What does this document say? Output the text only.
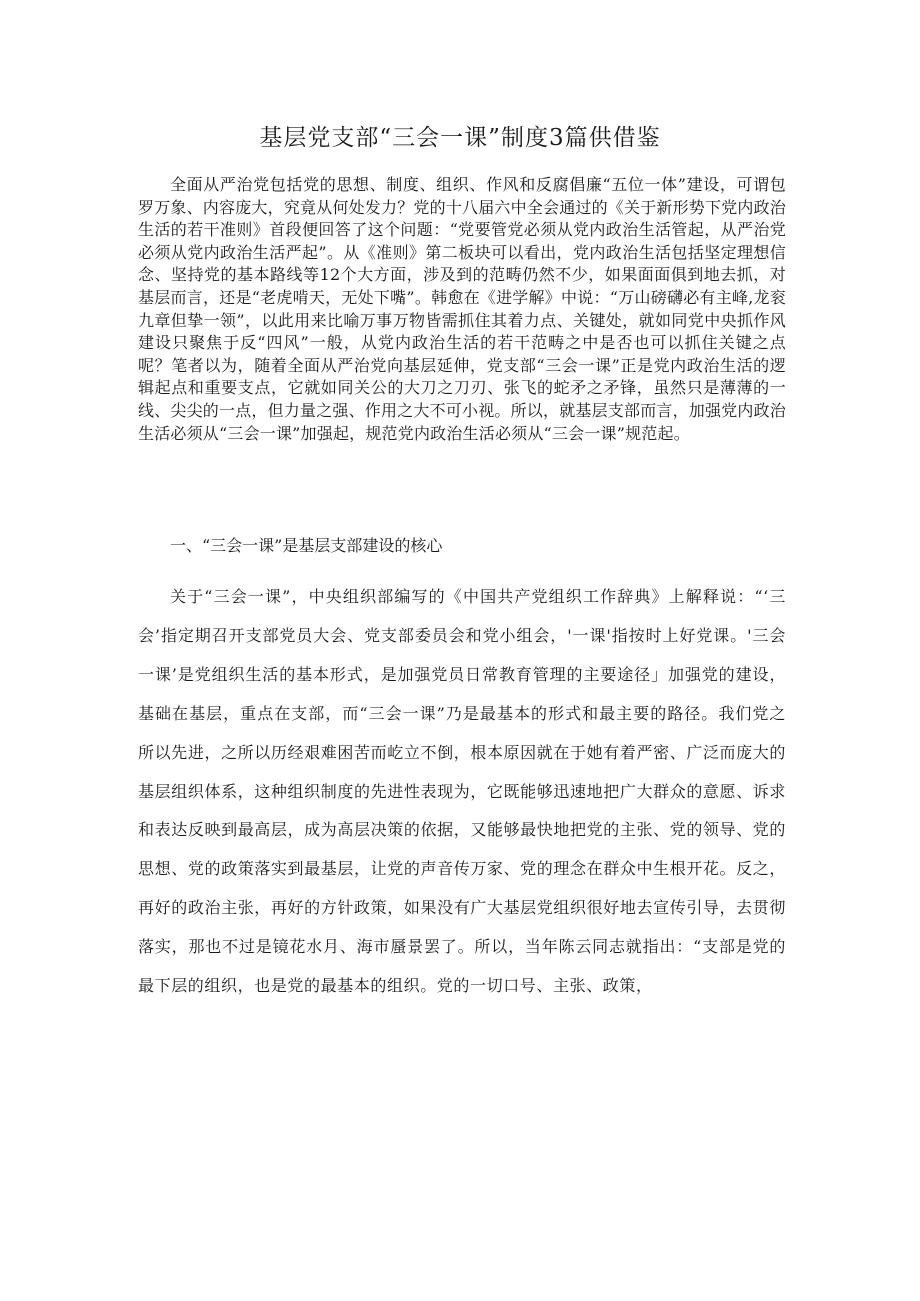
基层党支部“三会一课”制度3篇供借鉴

全面从严治党包括党的思想、制度、组织、作风和反腐倡廉“五位一体”建设，可谓包罗万象、内容庞大，究竟从何处发力？党的十八届六中全会通过的《关于新形势下党内政治生活的若干准则》首段便回答了这个问题：“党要管党必须从党内政治生活管起，从严治党必须从党内政治生活严起”。从《准则》第二板块可以看出，党内政治生活包括坚定理想信念、坚持党的基本路线等12个大方面，涉及到的范畴仍然不少，如果面面俱到地去抓，对基层而言，还是“老虎啃天，无处下嘴”。韩愈在《进学解》中说：“万山磅礴必有主峰,龙衮九章但挚一领”，以此用来比喻万事万物皆需抓住其着力点、关键处，就如同党中央抓作风建设只聚焦于反“四风”一般，从党内政治生活的若干范畴之中是否也可以抓住关键之点呢？笔者以为，随着全面从严治党向基层延伸，党支部“三会一课”正是党内政治生活的逻辑起点和重要支点，它就如同关公的大刀之刀刃、张飞的蛇矛之矛锋，虽然只是薄薄的一线、尖尖的一点，但力量之强、作用之大不可小视。所以，就基层支部而言，加强党内政治生活必须从“三会一课”加强起，规范党内政治生活必须从“三会一课”规范起。

一、“三会一课”是基层支部建设的核心

关于“三会一课”，中央组织部编写的《中国共产党组织工作辞典》上解释说：“‘三会’指定期召开支部党员大会、党支部委员会和党小组会，'一课'指按时上好党课。'三会一课’是党组织生活的基本形式，是加强党员日常教育管理的主要途径」加强党的建设，基础在基层，重点在支部，而“三会一课”乃是最基本的形式和最主要的路径。我们党之所以先进，之所以历经艰难困苦而屹立不倒，根本原因就在于她有着严密、广泛而庞大的基层组织体系，这种组织制度的先进性表现为，它既能够迅速地把广大群众的意愿、诉求和表达反映到最高层，成为高层决策的依据，又能够最快地把党的主张、党的领导、党的思想、党的政策落实到最基层，让党的声音传万家、党的理念在群众中生根开花。反之，再好的政治主张，再好的方针政策，如果没有广大基层党组织很好地去宣传引导，去贯彻落实，那也不过是镜花水月、海市蜃景罢了。所以，当年陈云同志就指出：“支部是党的最下层的组织，也是党的最基本的组织。党的一切口号、主张、政策，
